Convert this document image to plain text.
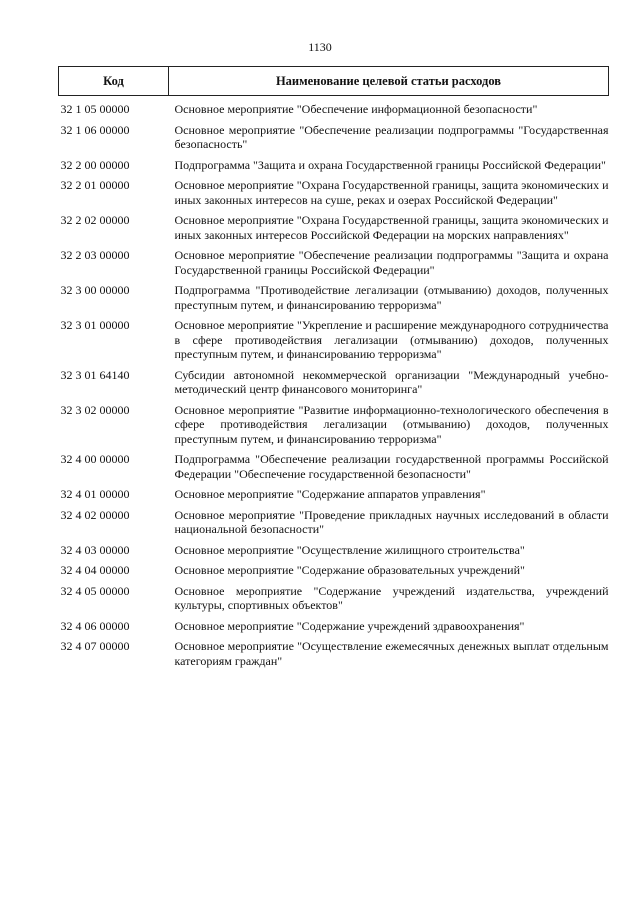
1130
Код	Наименование целевой статьи расходов
32 1 05 00000	Основное мероприятие "Обеспечение информационной безопасности"
32 1 06 00000	Основное мероприятие "Обеспечение реализации подпрограммы "Государственная безопасность"
32 2 00 00000	Подпрограмма "Защита и охрана Государственной границы Российской Федерации"
32 2 01 00000	Основное мероприятие "Охрана Государственной границы, защита экономических и иных законных интересов на суше, реках и озерах Российской Федерации"
32 2 02 00000	Основное мероприятие "Охрана Государственной границы, защита экономических и иных законных интересов Российской Федерации на морских направлениях"
32 2 03 00000	Основное мероприятие "Обеспечение реализации подпрограммы "Защита и охрана Государственной границы Российской Федерации"
32 3 00 00000	Подпрограмма "Противодействие легализации (отмыванию) доходов, полученных преступным путем, и финансированию терроризма"
32 3 01 00000	Основное мероприятие "Укрепление и расширение международного сотрудничества в сфере противодействия легализации (отмыванию) доходов, полученных преступным путем, и финансированию терроризма"
32 3 01 64140	Субсидии автономной некоммерческой организации "Международный учебно-методический центр финансового мониторинга"
32 3 02 00000	Основное мероприятие "Развитие информационно-технологического обеспечения в сфере противодействия легализации (отмыванию) доходов, полученных преступным путем, и финансированию терроризма"
32 4 00 00000	Подпрограмма "Обеспечение реализации государственной программы Российской Федерации "Обеспечение государственной безопасности"
32 4 01 00000	Основное мероприятие "Содержание аппаратов управления"
32 4 02 00000	Основное мероприятие "Проведение прикладных научных исследований в области национальной безопасности"
32 4 03 00000	Основное мероприятие "Осуществление жилищного строительства"
32 4 04 00000	Основное мероприятие "Содержание образовательных учреждений"
32 4 05 00000	Основное мероприятие "Содержание учреждений издательства, учреждений культуры, спортивных объектов"
32 4 06 00000	Основное мероприятие "Содержание учреждений здравоохранения"
32 4 07 00000	Основное мероприятие "Осуществление ежемесячных денежных выплат отдельным категориям граждан"
